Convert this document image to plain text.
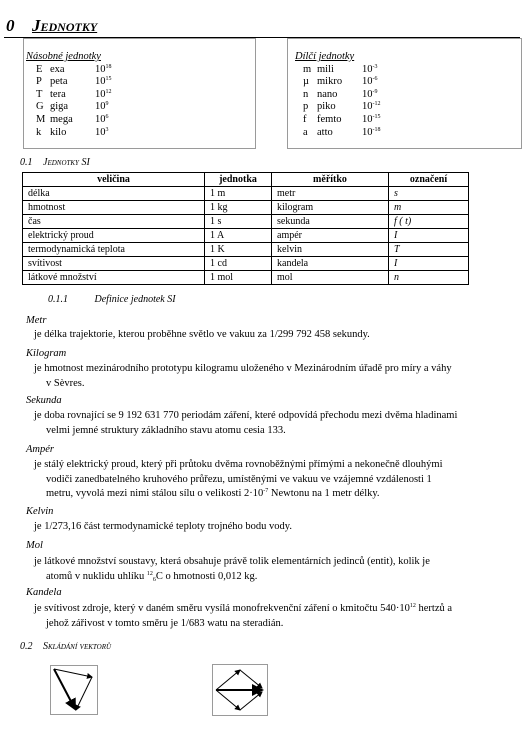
0 Jednotky
Násobné jednotky
E exa	$10^{18}$
P peta	$10^{15}$
T tera	$10^{12}$
G giga	$10^9$
M mega	$10^6$
k kilo	$10^3$
Dílčí jednotky
m mili	$10^{-3}$
µ mikro	$10^{-6}$
n nano	$10^{-9}$
p piko	$10^{-12}$
f	femto	$10^{-15}$
a atto	$10^{-18}$
0.1 Jednotky SI
veličina	jednotka	měřítko	označení
délka	1 m	metr	s
hmotnost	1 kg	kilogram	m
čas	1 s	sekunda	f ( t)
elektrický proud	1 A	ampér	I
termodynamická teplota	1 K	kelvin	T
svítivost	1 cd	kandela	I
látkové množství	1 mol	mol	n
0.1.1	Definice jednotek SI
Metr
je délka trajektorie, kterou proběhne světlo ve vakuu za 1/299 792 458 sekundy.
Kilogram
je hmotnost mezinárodního prototypu kilogramu uloženého v Mezinárodním úřadě pro míry a váhy
v Sèvres.
Sekunda
je doba rovnající se 9 192 631 770 periodám záření, které odpovídá přechodu mezi dvěma hladinami
velmi jemné struktury základního stavu atomu cesia 133.
Ampér
je stálý elektrický proud, který při průtoku dvěma rovnoběžnými přímými a nekonečně dlouhými
vodiči zanedbatelného kruhového průřezu, umístěnými ve vakuu ve vzájemné vzdálenosti 1
metru, vyvolá mezi nimi stálou sílu o velikosti $2\cdot 10^{-7}$ Newtonu na 1 metr délky.
Kelvin
je 1/273,16 část termodynamické teploty trojného bodu vody.
Mol
je látkové množství soustavy, která obsahuje právě tolik elementárních jedinců (entit), kolik je
atomů v nuklidu uhlíku $^{12}_6$C o hmotnosti 0,012 kg.
Kandela
je svítivost zdroje, který v daném směru vysílá monofrekvenční záření o kmitočtu $540\cdot 10^{12}$ hertzů a
jehož zářivost v tomto směru je 1/683 watu na steradián.
0.2 Skládání vektorů
